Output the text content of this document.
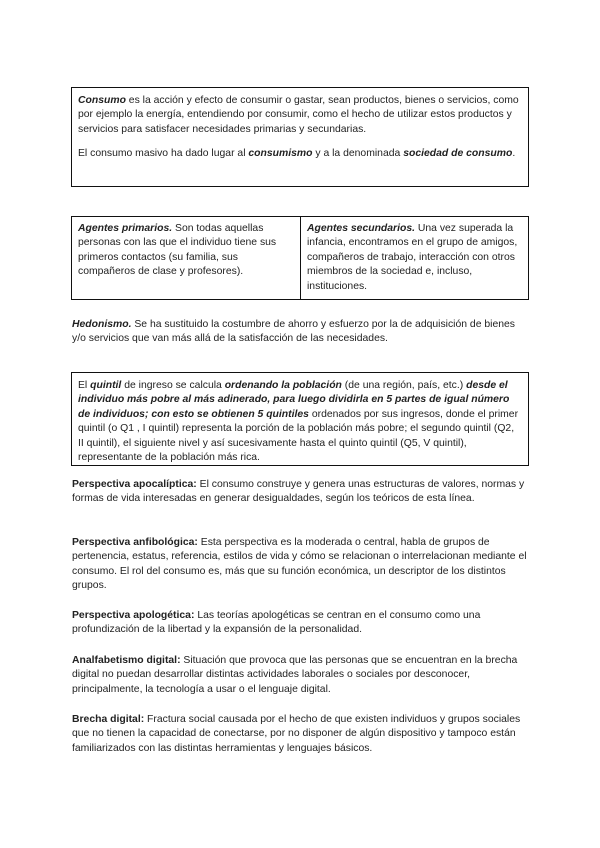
Consumo es la acción y efecto de consumir o gastar, sean productos, bienes o servicios, como por ejemplo la energía, entendiendo por consumir, como el hecho de utilizar estos productos y servicios para satisfacer necesidades primarias y secundarias.

El consumo masivo ha dado lugar al consumismo y a la denominada sociedad de consumo.

Agentes primarios. Son todas aquellas personas con las que el individuo tiene sus primeros contactos (su familia, sus compañeros de clase y profesores).
Agentes secundarios. Una vez superada la infancia, encontramos en el grupo de amigos, compañeros de trabajo, interacción con otros miembros de la sociedad e, incluso, instituciones.

Hedonismo. Se ha sustituido la costumbre de ahorro y esfuerzo por la de adquisición de bienes y/o servicios que van más allá de la satisfacción de las necesidades.

El quintil de ingreso se calcula ordenando la población (de una región, país, etc.) desde el individuo más pobre al más adinerado, para luego dividirla en 5 partes de igual número de individuos; con esto se obtienen 5 quintiles ordenados por sus ingresos, donde el primer quintil (o Q1 , I quintil) representa la porción de la población más pobre; el segundo quintil (Q2, II quintil), el siguiente nivel y así sucesivamente hasta el quinto quintil (Q5, V quintil), representante de la población más rica.

Perspectiva apocalíptica: El consumo construye y genera unas estructuras de valores, normas y formas de vida interesadas en generar desigualdades, según los teóricos de esta línea.

Perspectiva anfibológica: Esta perspectiva es la moderada o central, habla de grupos de pertenencia, estatus, referencia, estilos de vida y cómo se relacionan o interrelacionan mediante el consumo. El rol del consumo es, más que su función económica, un descriptor de los distintos grupos.

Perspectiva apologética: Las teorías apologéticas se centran en el consumo como una profundización de la libertad y la expansión de la personalidad.

Analfabetismo digital: Situación que provoca que las personas que se encuentran en la brecha digital no puedan desarrollar distintas actividades laborales o sociales por desconocer, principalmente, la tecnología a usar o el lenguaje digital.

Brecha digital: Fractura social causada por el hecho de que existen individuos y grupos sociales que no tienen la capacidad de conectarse, por no disponer de algún dispositivo y tampoco están familiarizados con las distintas herramientas y lenguajes básicos.
